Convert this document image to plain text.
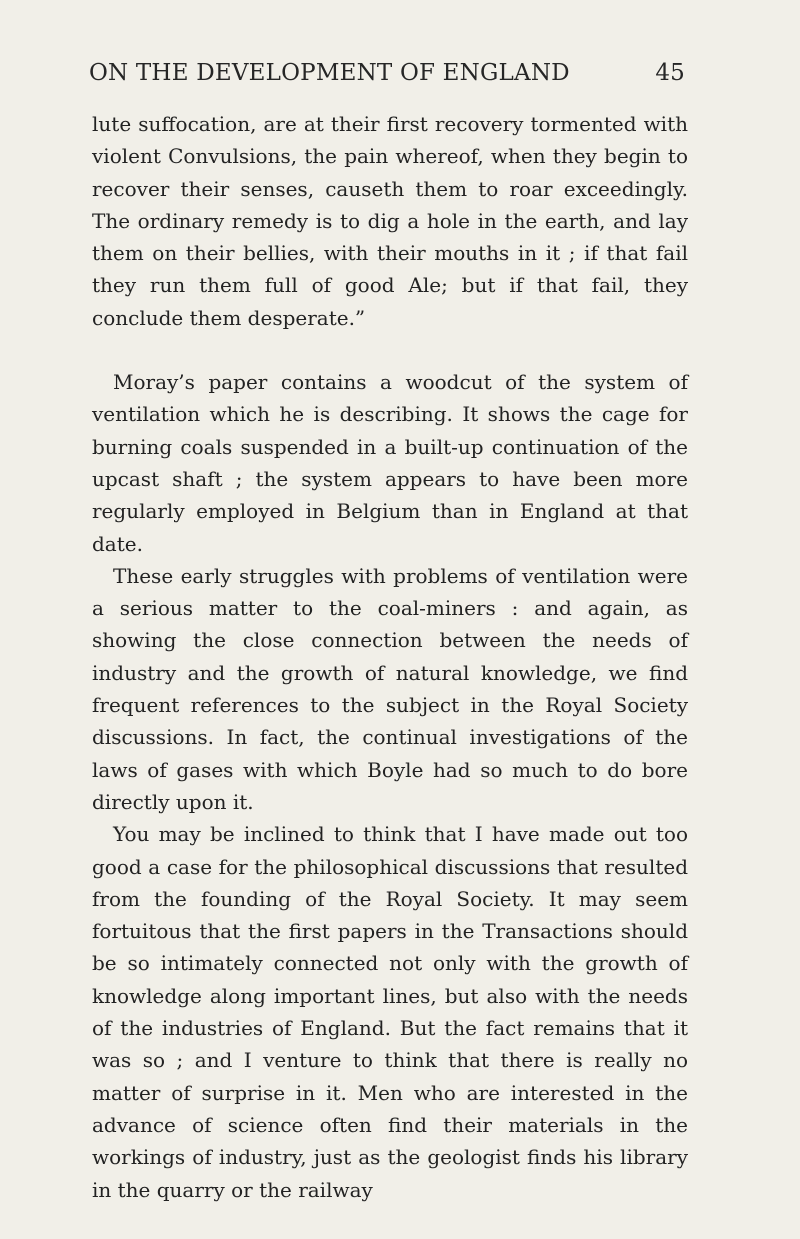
ON THE DEVELOPMENT OF ENGLAND	45

lute suffocation, are at their first recovery tormented with violent Convulsions, the pain whereof, when they begin to recover their senses, causeth them to roar exceedingly. The ordinary remedy is to dig a hole in the earth, and lay them on their bellies, with their mouths in it ; if that fail they run them full of good Ale; but if that fail, they conclude them desperate.”

Moray’s paper contains a woodcut of the system of ventilation which he is describing. It shows the cage for burning coals suspended in a built-up continuation of the upcast shaft ; the system appears to have been more regularly employed in Belgium than in England at that date.

These early struggles with problems of ventilation were a serious matter to the coal-miners : and again, as showing the close connection between the needs of industry and the growth of natural knowledge, we find frequent references to the subject in the Royal Society discussions. In fact, the continual investigations of the laws of gases with which Boyle had so much to do bore directly upon it.

You may be inclined to think that I have made out too good a case for the philosophical discussions that resulted from the founding of the Royal Society. It may seem fortuitous that the first papers in the Transactions should be so intimately connected not only with the growth of knowledge along important lines, but also with the needs of the industries of England. But the fact remains that it was so ; and I venture to think that there is really no matter of surprise in it. Men who are interested in the advance of science often find their materials in the workings of industry, just as the geologist finds his library in the quarry or the railway
